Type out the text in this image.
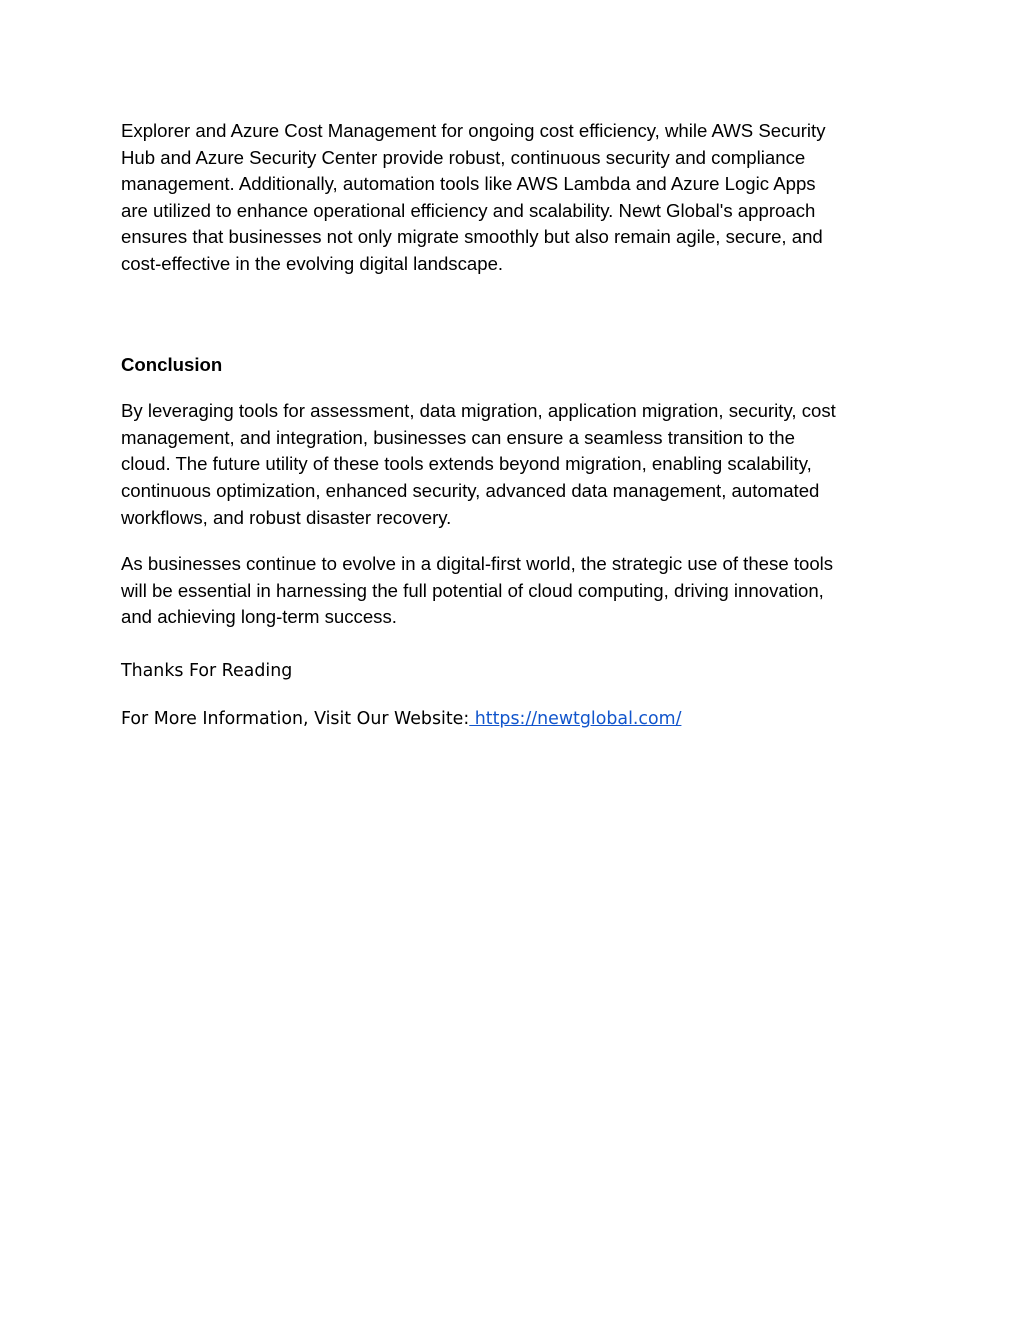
Explorer and Azure Cost Management for ongoing cost efficiency, while AWS Security
Hub and Azure Security Center provide robust, continuous security and compliance
management. Additionally, automation tools like AWS Lambda and Azure Logic Apps
are utilized to enhance operational efficiency and scalability. Newt Global's approach
ensures that businesses not only migrate smoothly but also remain agile, secure, and
cost-effective in the evolving digital landscape.

Conclusion

By leveraging tools for assessment, data migration, application migration, security, cost
management, and integration, businesses can ensure a seamless transition to the
cloud. The future utility of these tools extends beyond migration, enabling scalability,
continuous optimization, enhanced security, advanced data management, automated
workflows, and robust disaster recovery.

As businesses continue to evolve in a digital-first world, the strategic use of these tools
will be essential in harnessing the full potential of cloud computing, driving innovation,
and achieving long-term success.

Thanks For Reading

For More Information, Visit Our Website: https://newtglobal.com/
